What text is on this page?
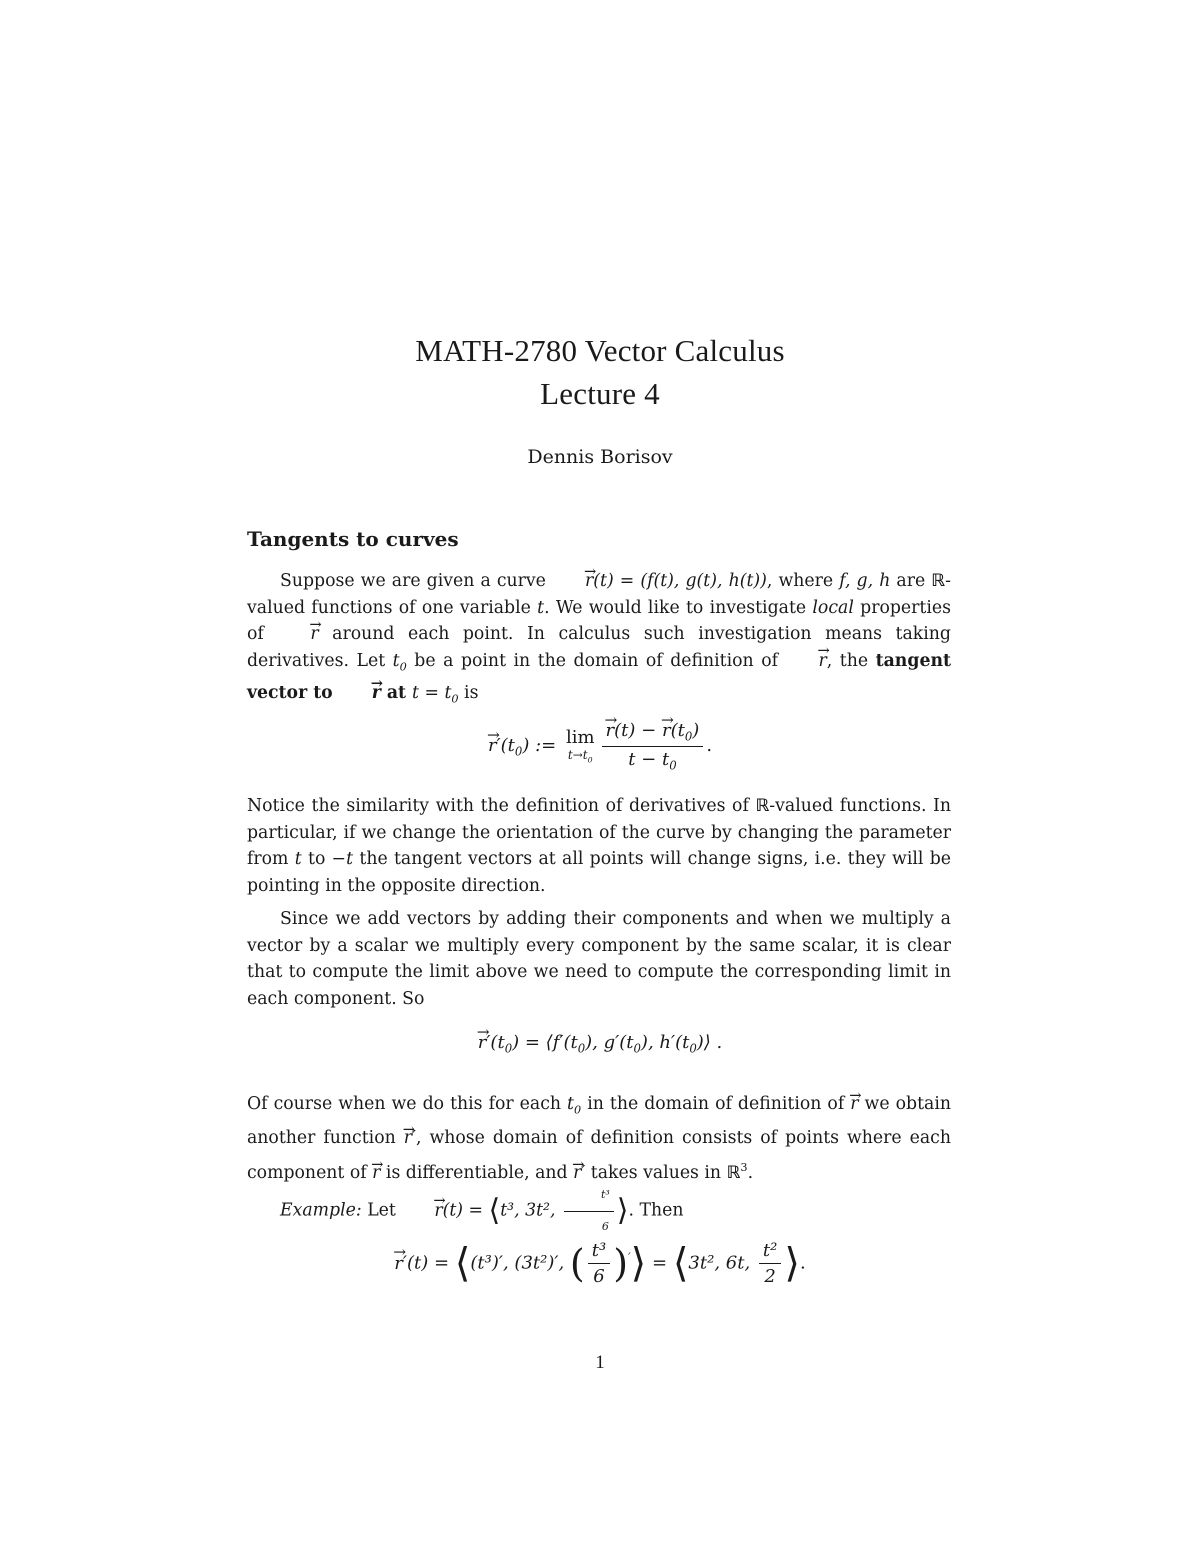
MATH-2780 Vector Calculus
Lecture 4
Dennis Borisov
Tangents to curves

Suppose we are given a curve → r(t) = (f(t), g(t), h(t)), where f, g, h are ℝ-valued functions of one variable t. We would like to investigate local properties of → r around each point. In calculus such investigation means taking derivatives. Let $t_0$ be a point in the domain of definition of → r, the tangent vector to → r at $t = t_0$ is

→ $r'(t_0)$ := lim
$t\to t_0$
→ $\frac{r(t) - \to r(t_0)}{t - t_0}$ .

Notice the similarity with the definition of derivatives of ℝ-valued functions. In particular, if we change the orientation of the curve by changing the parameter from t to −t the tangent vectors at all points will change signs, i.e. they will be pointing in the opposite direction.

Since we add vectors by adding their components and when we multiply a vector by a scalar we multiply every component by the same scalar, it is clear that to compute the limit above we need to compute the corresponding limit in each component. So

→ $r'(t_0)$ = $⟨f'(t_0)$, $g'(t_0)$, $h'(t_0)⟩$ .

Of course when we do this for each $t_0$ in the domain of definition of → r we obtain another function → r′, whose domain of definition consists of points where each component of → r is differentiable, and → r′ takes values in ℝ$^3$.

Example: Let → r(t) = ⟨t³, 3t², $\frac{\text{t³}}{6}$ ⟩. Then

→ r′(t) = ⟨(t³)′, (3t²)′, ( $\frac{\text{t³}}{6}$ )′⟩ = ⟨3t², 6t, $\frac{\text{t²}}{2}$ ⟩.
1
